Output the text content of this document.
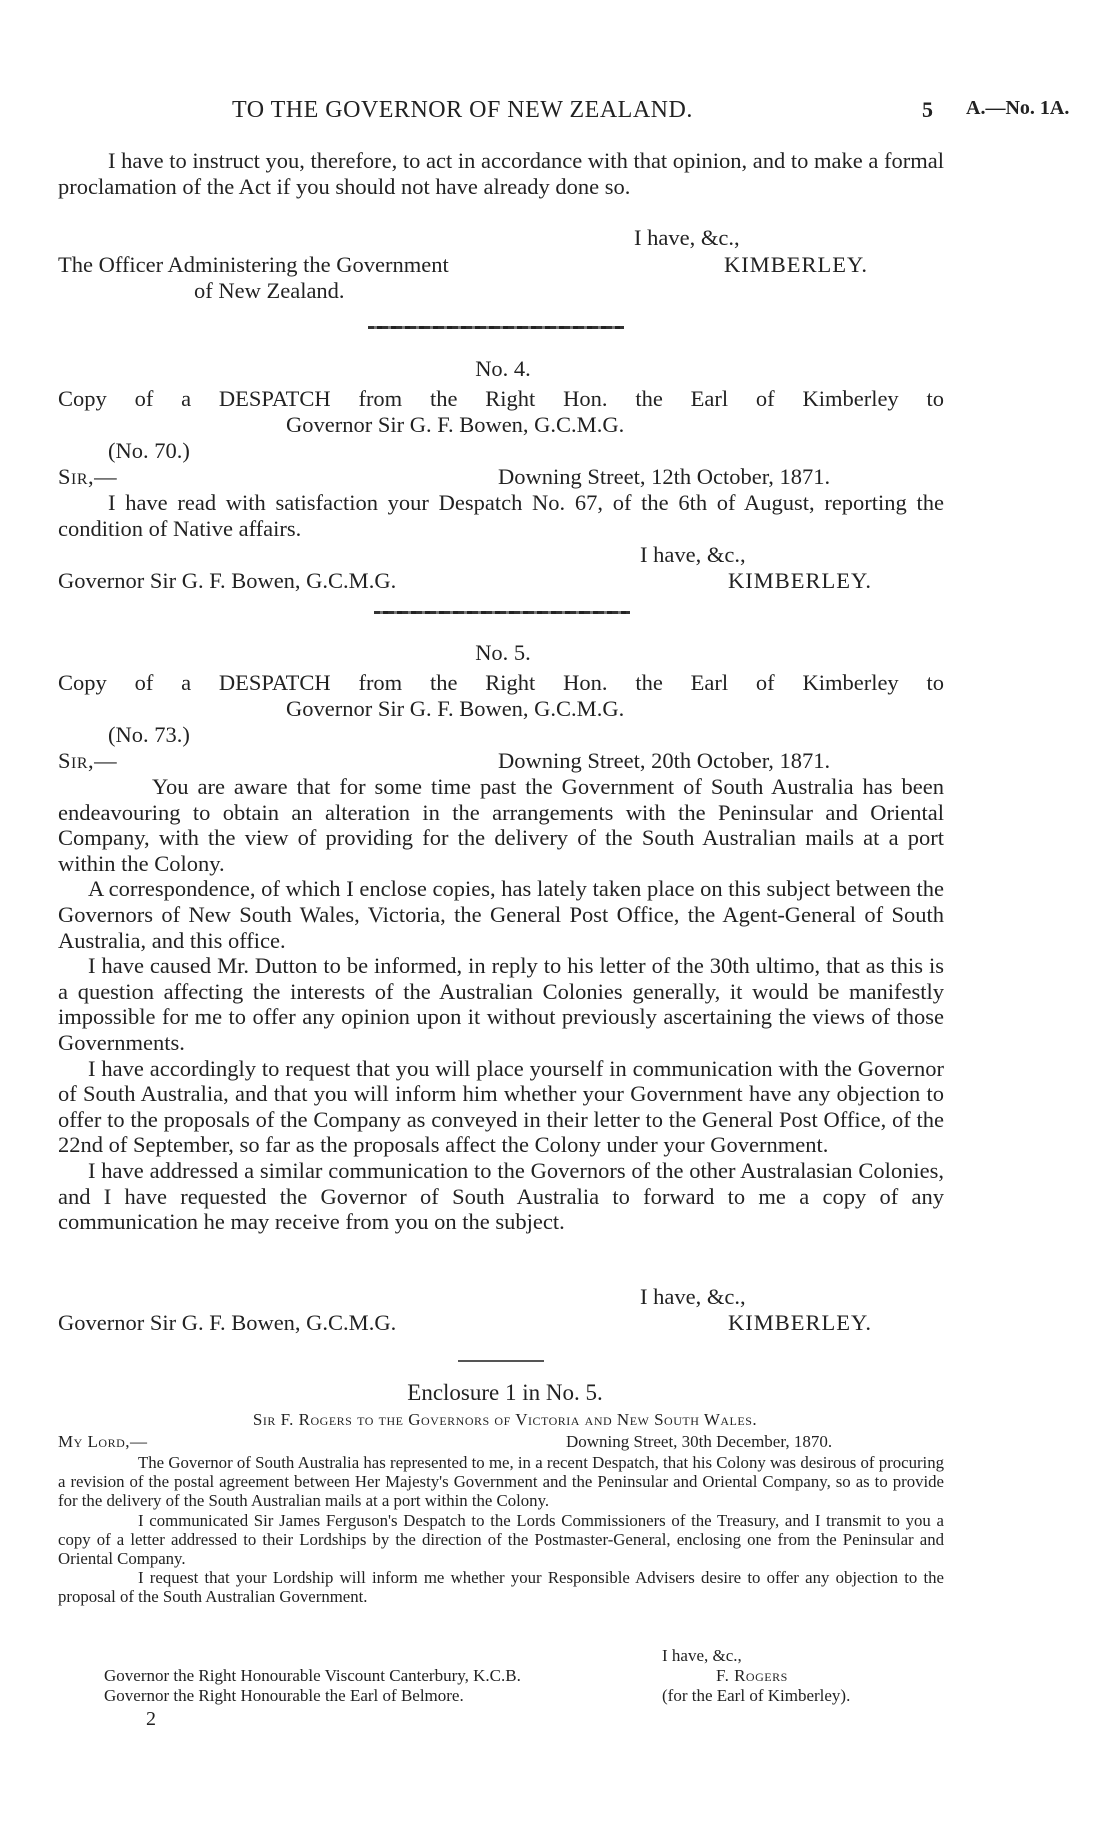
TO THE GOVERNOR OF NEW ZEALAND.	5 A.—No. 1A.

I have to instruct you, therefore, to act in accordance with that opinion, and to make a formal proclamation of the Act if you should not have already done so.

I have, &c.,
The Officer Administering the Government	KIMBERLEY.
of New Zealand.
No. 4.
Copy of a DESPATCH from the Right Hon. the Earl of Kimberley to
Governor Sir G. F. Bowen, G.C.M.G.
(No. 70.)
Sir,—	Downing Street, 12th October, 1871.

I have read with satisfaction your Despatch No. 67, of the 6th of August, reporting the condition of Native affairs.

I have, &c.,
Governor Sir G. F. Bowen, G.C.M.G.	KIMBERLEY.
No. 5.
Copy of a DESPATCH from the Right Hon. the Earl of Kimberley to
Governor Sir G. F. Bowen, G.C.M.G.
(No. 73.)
Sir,—	Downing Street, 20th October, 1871.

You are aware that for some time past the Government of South Australia has been endeavouring to obtain an alteration in the arrangements with the Peninsular and Oriental Company, with the view of providing for the delivery of the South Australian mails at a port within the Colony.

A correspondence, of which I enclose copies, has lately taken place on this subject between the Governors of New South Wales, Victoria, the General Post Office, the Agent-General of South Australia, and this office.

I have caused Mr. Dutton to be informed, in reply to his letter of the 30th ultimo, that as this is a question affecting the interests of the Australian Colonies generally, it would be manifestly impossible for me to offer any opinion upon it without previously ascertaining the views of those Governments.

I have accordingly to request that you will place yourself in communication with the Governor of South Australia, and that you will inform him whether your Government have any objection to offer to the proposals of the Company as conveyed in their letter to the General Post Office, of the 22nd of September, so far as the proposals affect the Colony under your Government.

I have addressed a similar communication to the Governors of the other Australasian Colonies, and I have requested the Governor of South Australia to forward to me a copy of any communication he may receive from you on the subject.

I have, &c.,
Governor Sir G. F. Bowen, G.C.M.G.	KIMBERLEY.
Enclosure 1 in No. 5.
Sir F. Rogers to the Governors of Victoria and New South Wales.
My Lord,—	Downing Street, 30th December, 1870.

The Governor of South Australia has represented to me, in a recent Despatch, that his Colony was desirous of procuring a revision of the postal agreement between Her Majesty's Government and the Peninsular and Oriental Company, so as to provide for the delivery of the South Australian mails at a port within the Colony.

I communicated Sir James Ferguson's Despatch to the Lords Commissioners of the Treasury, and I transmit to you a copy of a letter addressed to their Lordships by the direction of the Postmaster-General, enclosing one from the Peninsular and Oriental Company.

I request that your Lordship will inform me whether your Responsible Advisers desire to offer any objection to the proposal of the South Australian Government.

I have, &c.,
Governor the Right Honourable Viscount Canterbury, K.C.B.	F. Rogers
Governor the Right Honourable the Earl of Belmore.	(for the Earl of Kimberley).
2
